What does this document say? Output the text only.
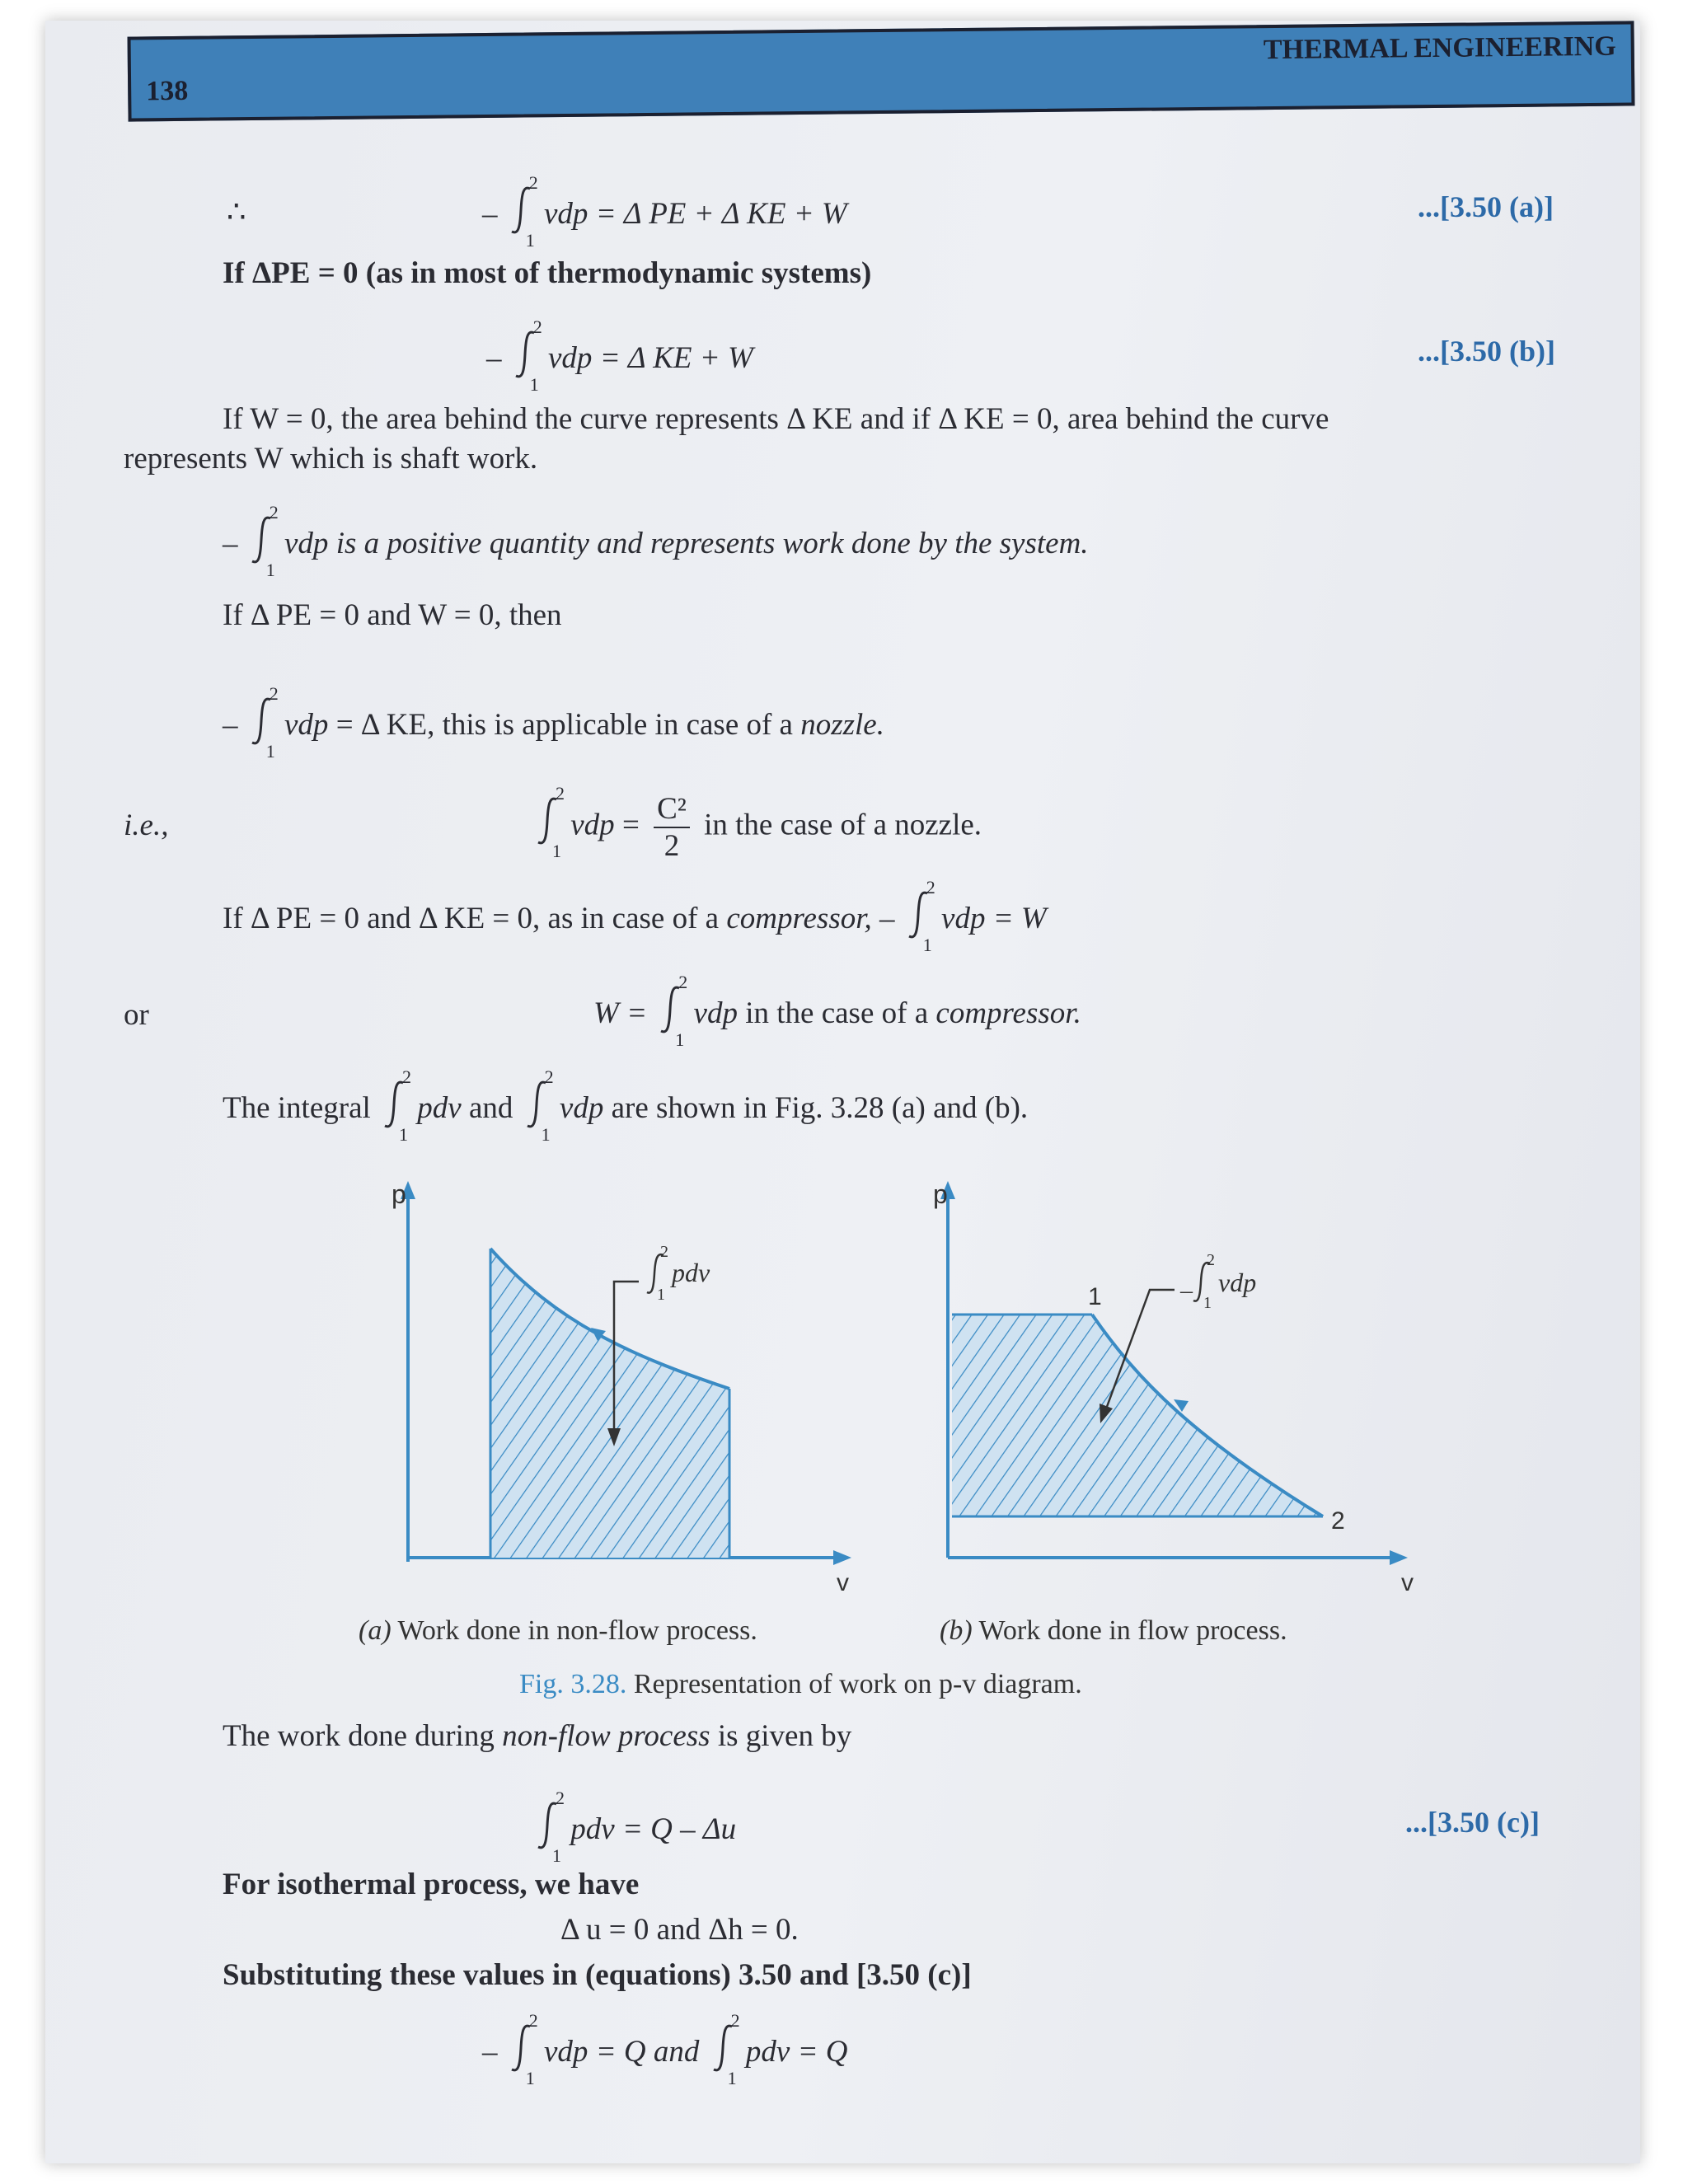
138
THERMAL ENGINEERING
∴	–
2
1
vdp = Δ PE + Δ KE + W	...[3.50 (a)]
If ΔPE = 0 (as in most of thermodynamic systems)
–
2
1
vdp = Δ KE + W	...[3.50 (b)]
If W = 0, the area behind the curve represents Δ KE and if Δ KE = 0, area behind the curve
represents W which is shaft work.
–
2
1
vdp is a positive quantity and represents work done by the system.
If Δ PE = 0 and W = 0, then
–
2
1
vdp = Δ KE, this is applicable in case of a nozzle.
i.e.,
2
1
vdp = $\frac{\text{C²}}{2}$ in the case of a nozzle.
If Δ PE = 0 and Δ KE = 0, as in case of a compressor, –
2
1
vdp = W
or	W =
2
1
vdp in the case of a compressor.
The integral
2
1
pdv and
2
1
vdp are shown in Fig. 3.28 (a) and (b).
p
v
2
1
pdv
p
v
1
2
–
2
1
vdp
(a) Work done in non-flow process.	(b) Work done in flow process.
Fig. 3.28. Representation of work on p-v diagram.
The work done during non-flow process is given by
2
1
pdv = Q – Δu	...[3.50 (c)]
For isothermal process, we have
Δ u = 0 and Δh = 0.
Substituting these values in (equations) 3.50 and [3.50 (c)]
–
2
1
vdp = Q and
2
1
pdv = Q
